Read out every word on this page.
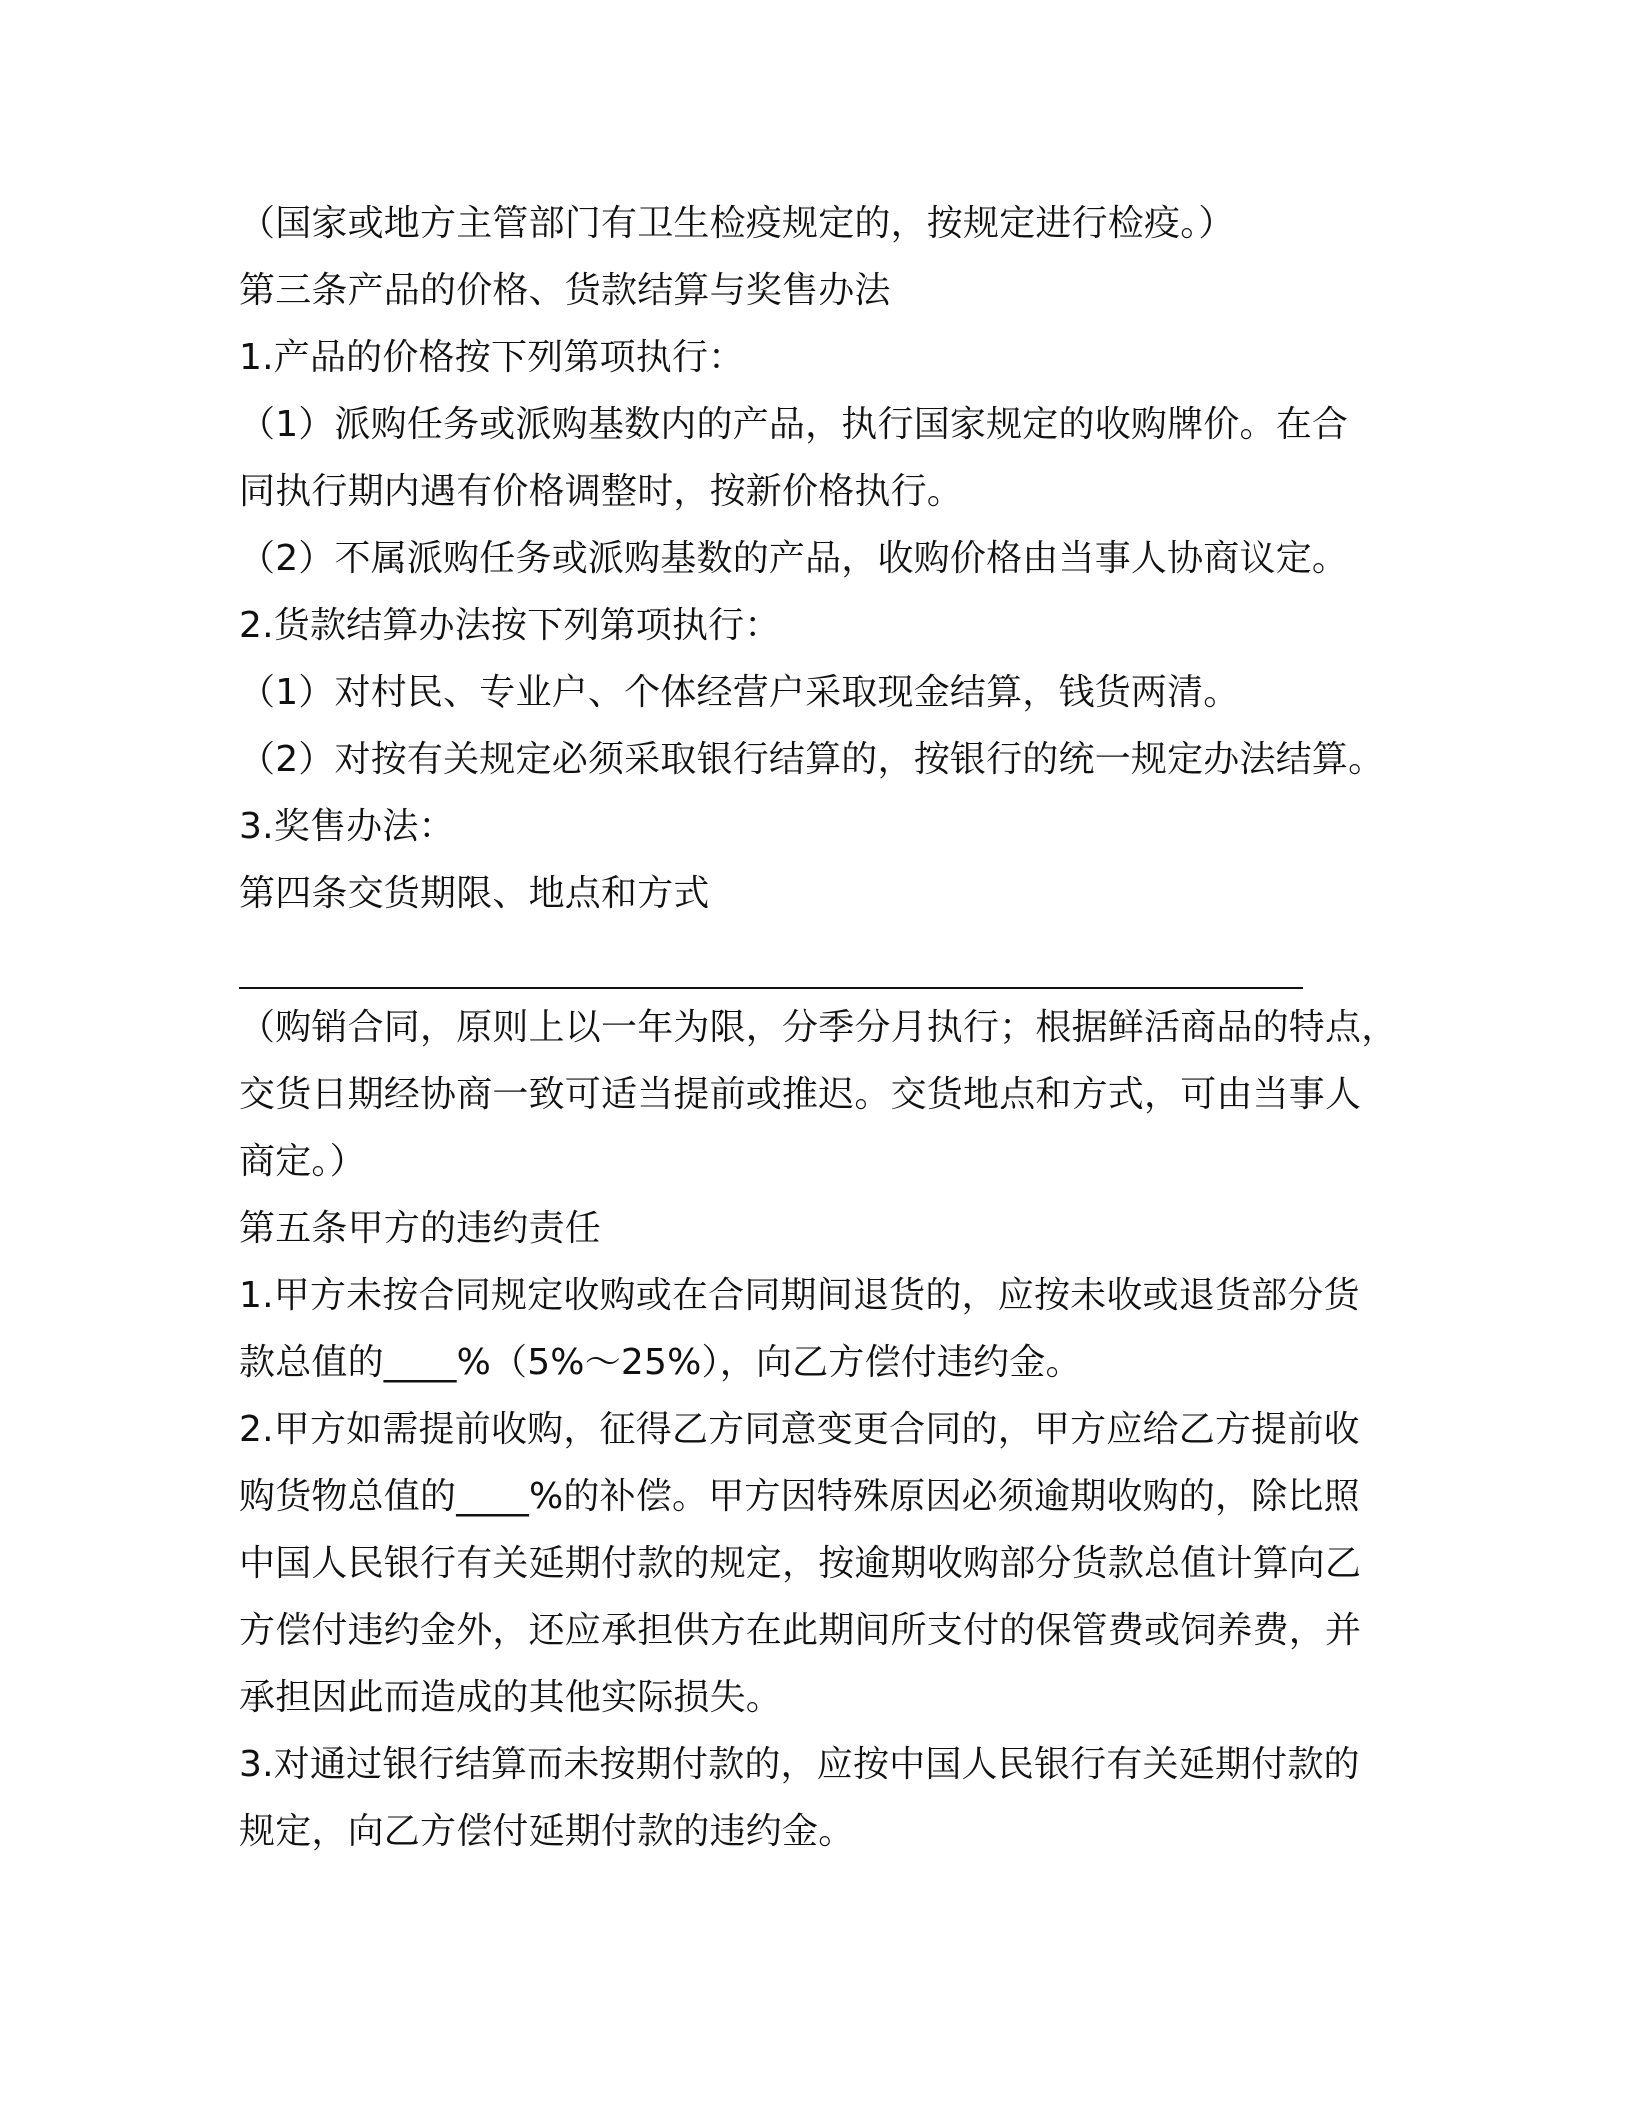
（国家或地方主管部门有卫生检疫规定的，按规定进行检疫。）

第三条产品的价格、货款结算与奖售办法

1.产品的价格按下列第项执行：

（1）派购任务或派购基数内的产品，执行国家规定的收购牌价。在合

同执行期内遇有价格调整时，按新价格执行。

（2）不属派购任务或派购基数的产品，收购价格由当事人协商议定。

2.货款结算办法按下列第项执行：

（1）对村民、专业户、个体经营户采取现金结算，钱货两清。

（2）对按有关规定必须采取银行结算的，按银行的统一规定办法结算。

3.奖售办法：

第四条交货期限、地点和方式

（购销合同，原则上以一年为限，分季分月执行；根据鲜活商品的特点，

交货日期经协商一致可适当提前或推迟。交货地点和方式，可由当事人

商定。）

第五条甲方的违约责任

1.甲方未按合同规定收购或在合同期间退货的，应按未收或退货部分货

款总值的____%（5%～25%），向乙方偿付违约金。

2.甲方如需提前收购，征得乙方同意变更合同的，甲方应给乙方提前收

购货物总值的____%的补偿。甲方因特殊原因必须逾期收购的，除比照

中国人民银行有关延期付款的规定，按逾期收购部分货款总值计算向乙

方偿付违约金外，还应承担供方在此期间所支付的保管费或饲养费，并

承担因此而造成的其他实际损失。

3.对通过银行结算而未按期付款的，应按中国人民银行有关延期付款的

规定，向乙方偿付延期付款的违约金。
